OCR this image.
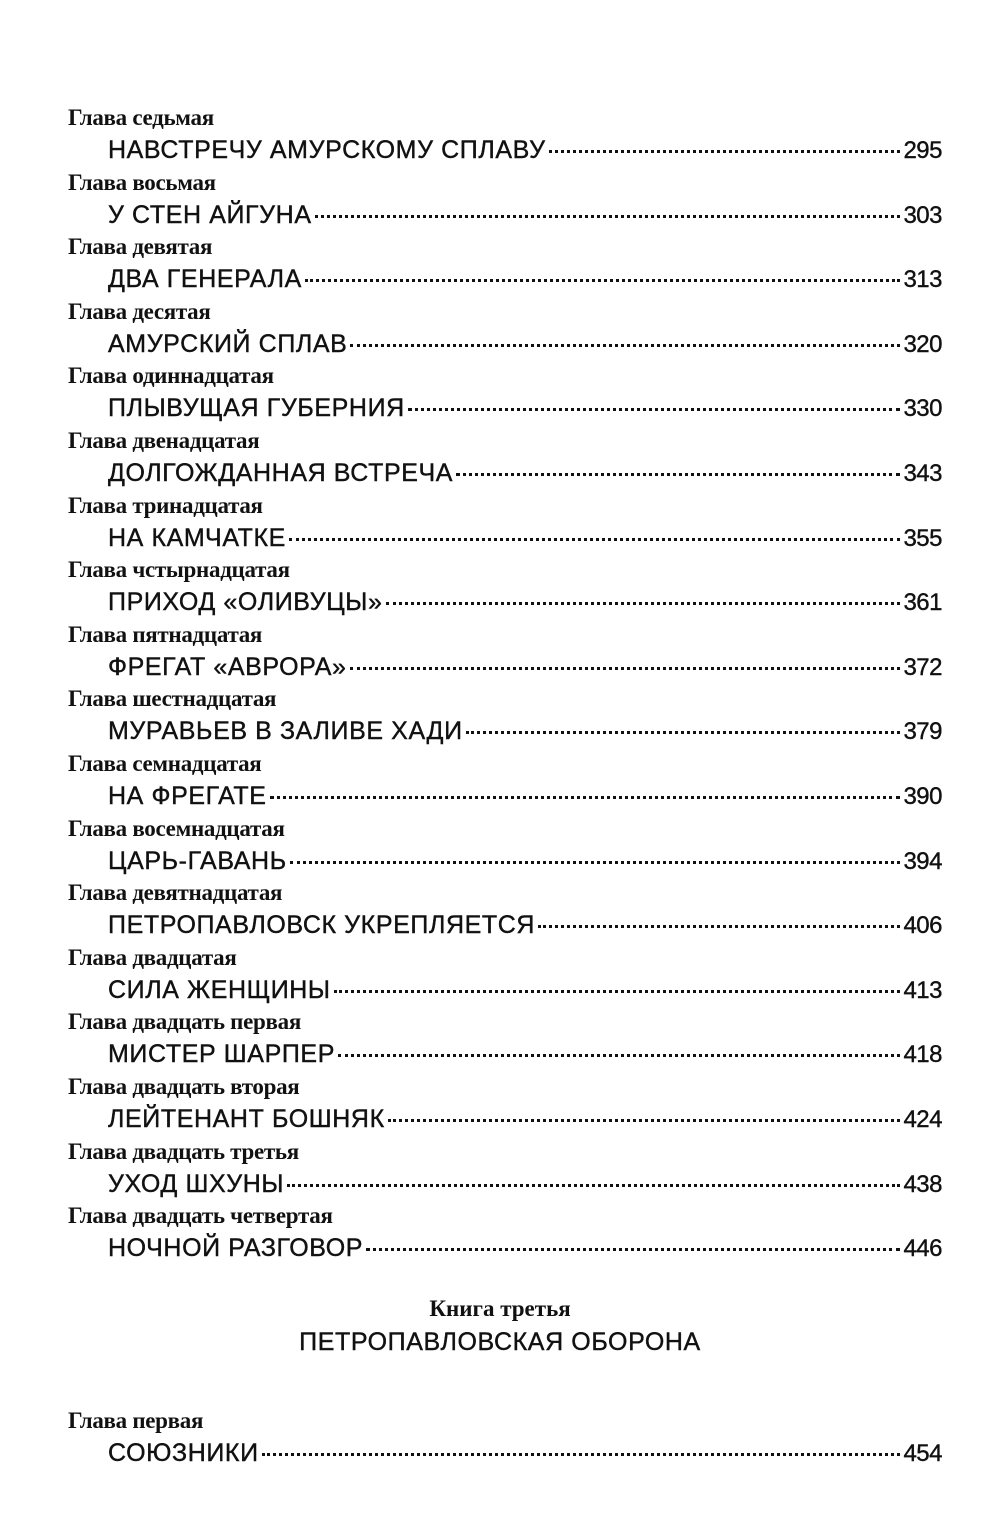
Глава седьмая
НАВСТРЕЧУ АМУРСКОМУ СПЛАВУ	295
Глава восьмая
У СТЕН АЙГУНА	303
Глава девятая
ДВА ГЕНЕРАЛА	313
Глава десятая
АМУРСКИЙ СПЛАВ	320
Глава одиннадцатая
ПЛЫВУЩАЯ ГУБЕРНИЯ	330
Глава двенадцатая
ДОЛГОЖДАННАЯ ВСТРЕЧА	343
Глава тринадцатая
НА КАМЧАТКЕ	355
Глава чстырнадцатая
ПРИХОД «ОЛИВУЦЫ»	361
Глава пятнадцатая
ФРЕГАТ «АВРОРА»	372
Глава шестнадцатая
МУРАВЬЕВ В ЗАЛИВЕ ХАДИ	379
Глава семнадцатая
НА ФРЕГАТЕ	390
Глава восемнадцатая
ЦАРЬ-ГАВАНЬ	394
Глава девятнадцатая
ПЕТРОПАВЛОВСК УКРЕПЛЯЕТСЯ	406
Глава двадцатая
СИЛА ЖЕНЩИНЫ	413
Глава двадцать первая
МИСТЕР ШАРПЕР	418
Глава двадцать вторая
ЛЕЙТЕНАНТ БОШНЯК	424
Глава двадцать третья
УХОД ШХУНЫ	438
Глава двадцать четвертая
НОЧНОЙ РАЗГОВОР	446
Книга третья
ПЕТРОПАВЛОВСКАЯ ОБОРОНА
Глава первая
СОЮЗНИКИ	454
